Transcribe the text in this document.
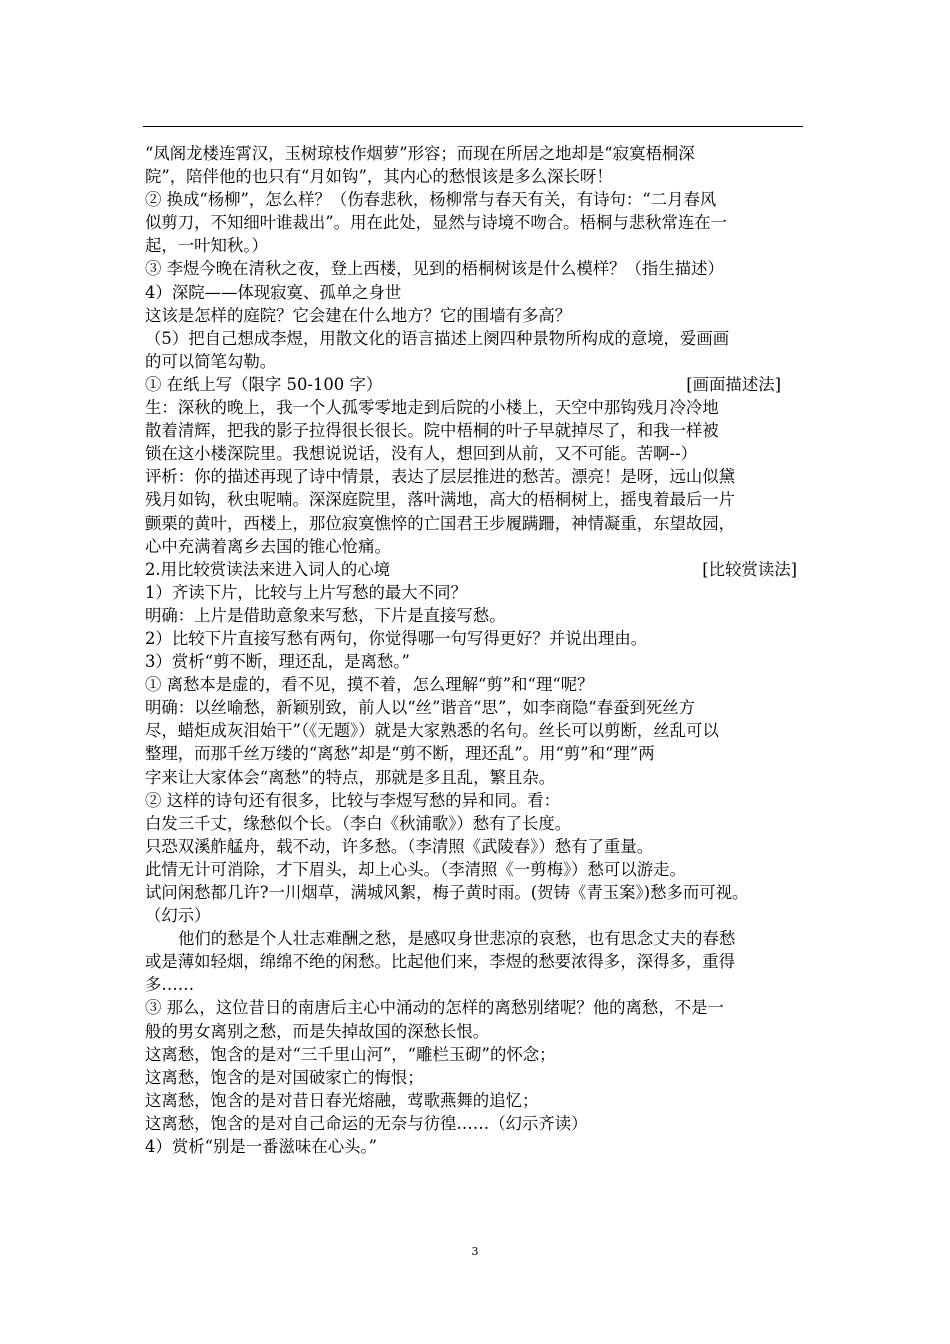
“凤阁龙楼连霄汉，玉树琼枝作烟萝”形容；而现在所居之地却是“寂寞梧桐深
院”，陪伴他的也只有“月如钩”，其内心的愁恨该是多么深长呀！
② 换成“杨柳”，怎么样？（伤春悲秋，杨柳常与春天有关，有诗句：“二月春风
似剪刀，不知细叶谁裁出”。用在此处，显然与诗境不吻合。梧桐与悲秋常连在一
起，一叶知秋。）
③ 李煜今晚在清秋之夜，登上西楼，见到的梧桐树该是什么模样？（指生描述）
4）深院——体现寂寞、孤单之身世
这该是怎样的庭院？它会建在什么地方？它的围墙有多高？
（5）把自己想成李煜，用散文化的语言描述上阕四种景物所构成的意境，爱画画
的可以简笔勾勒。
① 在纸上写（限字 50-100 字）	[画面描述法]
生：深秋的晚上，我一个人孤零零地走到后院的小楼上，天空中那钩残月冷冷地
散着清辉，把我的影子拉得很长很长。院中梧桐的叶子早就掉尽了，和我一样被
锁在这小楼深院里。我想说说话，没有人，想回到从前，又不可能。苦啊--）
评析：你的描述再现了诗中情景，表达了层层推进的愁苦。漂亮！是呀，远山似黛
残月如钩，秋虫呢喃。深深庭院里，落叶满地，高大的梧桐树上，摇曳着最后一片
颤栗的黄叶，西楼上，那位寂寞憔悴的亡国君王步履蹒跚，神情凝重，东望故园，
心中充满着离乡去国的锥心怆痛。
2.用比较赏读法来进入词人的心境	[比较赏读法]
1）齐读下片，比较与上片写愁的最大不同？
明确：上片是借助意象来写愁，下片是直接写愁。
2）比较下片直接写愁有两句，你觉得哪一句写得更好？并说出理由。
3）赏析“剪不断，理还乱，是离愁。”
① 离愁本是虚的，看不见，摸不着，怎么理解“剪”和“理“呢？
明确：以丝喻愁，新颖别致，前人以“丝”谐音“思”，如李商隐“春蚕到死丝方
尽，蜡炬成灰泪始干”（《无题》）就是大家熟悉的名句。丝长可以剪断，丝乱可以
整理，而那千丝万缕的“离愁”却是“剪不断，理还乱”。用“剪”和“理”两
字来让大家体会“离愁”的特点，那就是多且乱，繁且杂。
② 这样的诗句还有很多，比较与李煜写愁的异和同。看：
白发三千丈，缘愁似个长。（李白《秋浦歌》）愁有了长度。
只恐双溪舴艋舟，载不动，许多愁。（李清照《武陵春》）愁有了重量。
此情无计可消除，才下眉头，却上心头。（李清照《一剪梅》）愁可以游走。
试问闲愁都几许?一川烟草，满城风絮，梅子黄时雨。(贺铸《青玉案》)愁多而可视。
（幻示）
他们的愁是个人壮志难酬之愁，是感叹身世悲凉的哀愁，也有思念丈夫的春愁
或是薄如轻烟，绵绵不绝的闲愁。比起他们来，李煜的愁要浓得多，深得多，重得
多……
③ 那么，这位昔日的南唐后主心中涌动的怎样的离愁别绪呢？他的离愁，不是一
般的男女离别之愁，而是失掉故国的深愁长恨。
这离愁，饱含的是对“三千里山河”，“雕栏玉砌”的怀念；
这离愁，饱含的是对国破家亡的悔恨；
这离愁，饱含的是对昔日春光熔融，莺歌燕舞的追忆；
这离愁，饱含的是对自己命运的无奈与彷徨……（幻示齐读）
4）赏析“别是一番滋味在心头。”
3
